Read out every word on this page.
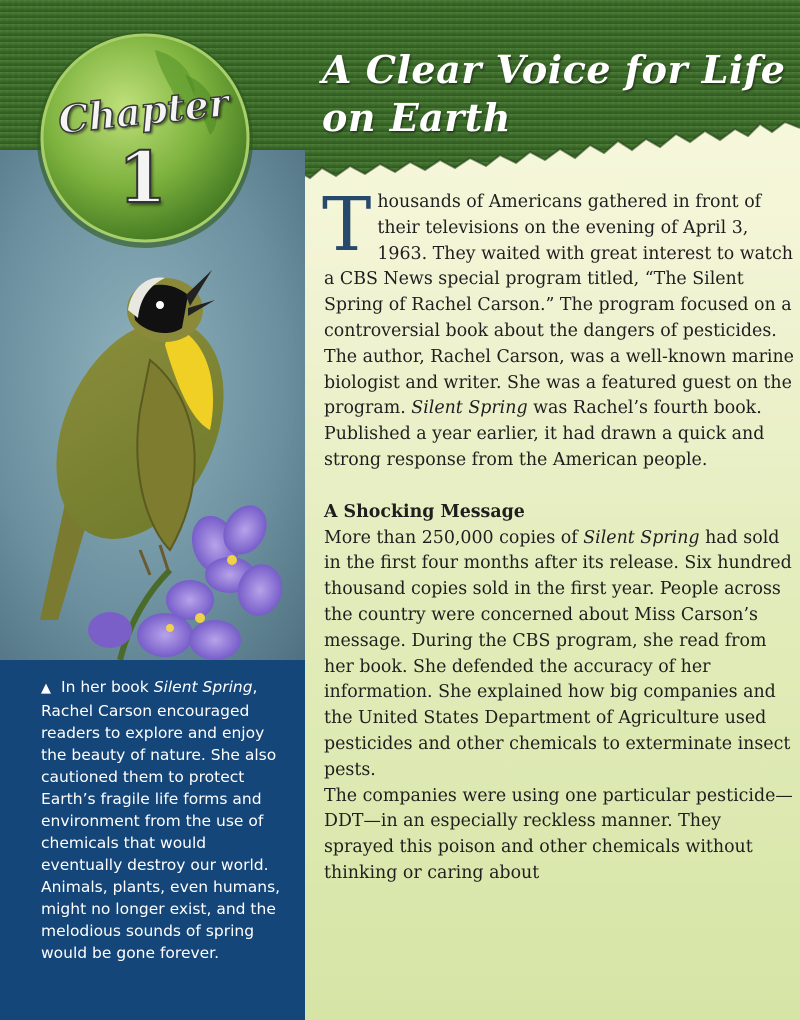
Chapter
1
A Clear Voice for Life on Earth

▲ In her book Silent Spring, Rachel Carson encouraged readers to explore and enjoy the beauty of nature. She also cautioned them to protect Earth’s fragile life forms and environment from the use of chemicals that would eventually destroy our world. Animals, plants, even humans, might no longer exist, and the melodious sounds of spring would be gone forever.

Thousands of Americans gathered in front of their televisions on the evening of April 3, 1963. They waited with great interest to watch a CBS News special program titled, “The Silent Spring of Rachel Carson.” The program focused on a controversial book about the dangers of pesticides. The author, Rachel Carson, was a well-known marine biologist and writer. She was a featured guest on the program. Silent Spring was Rachel’s fourth book. Published a year earlier, it had drawn a quick and strong response from the American people.

A Shocking Message

More than 250,000 copies of Silent Spring had sold in the first four months after its release. Six hundred thousand copies sold in the first year. People across the country were concerned about Miss Carson’s message. During the CBS program, she read from her book. She defended the accuracy of her information. She explained how big companies and the United States Department of Agriculture used pesticides and other chemicals to exterminate insect pests.

The companies were using one particular pesticide—DDT—in an especially reckless manner. They sprayed this poison and other chemicals without thinking or caring about
